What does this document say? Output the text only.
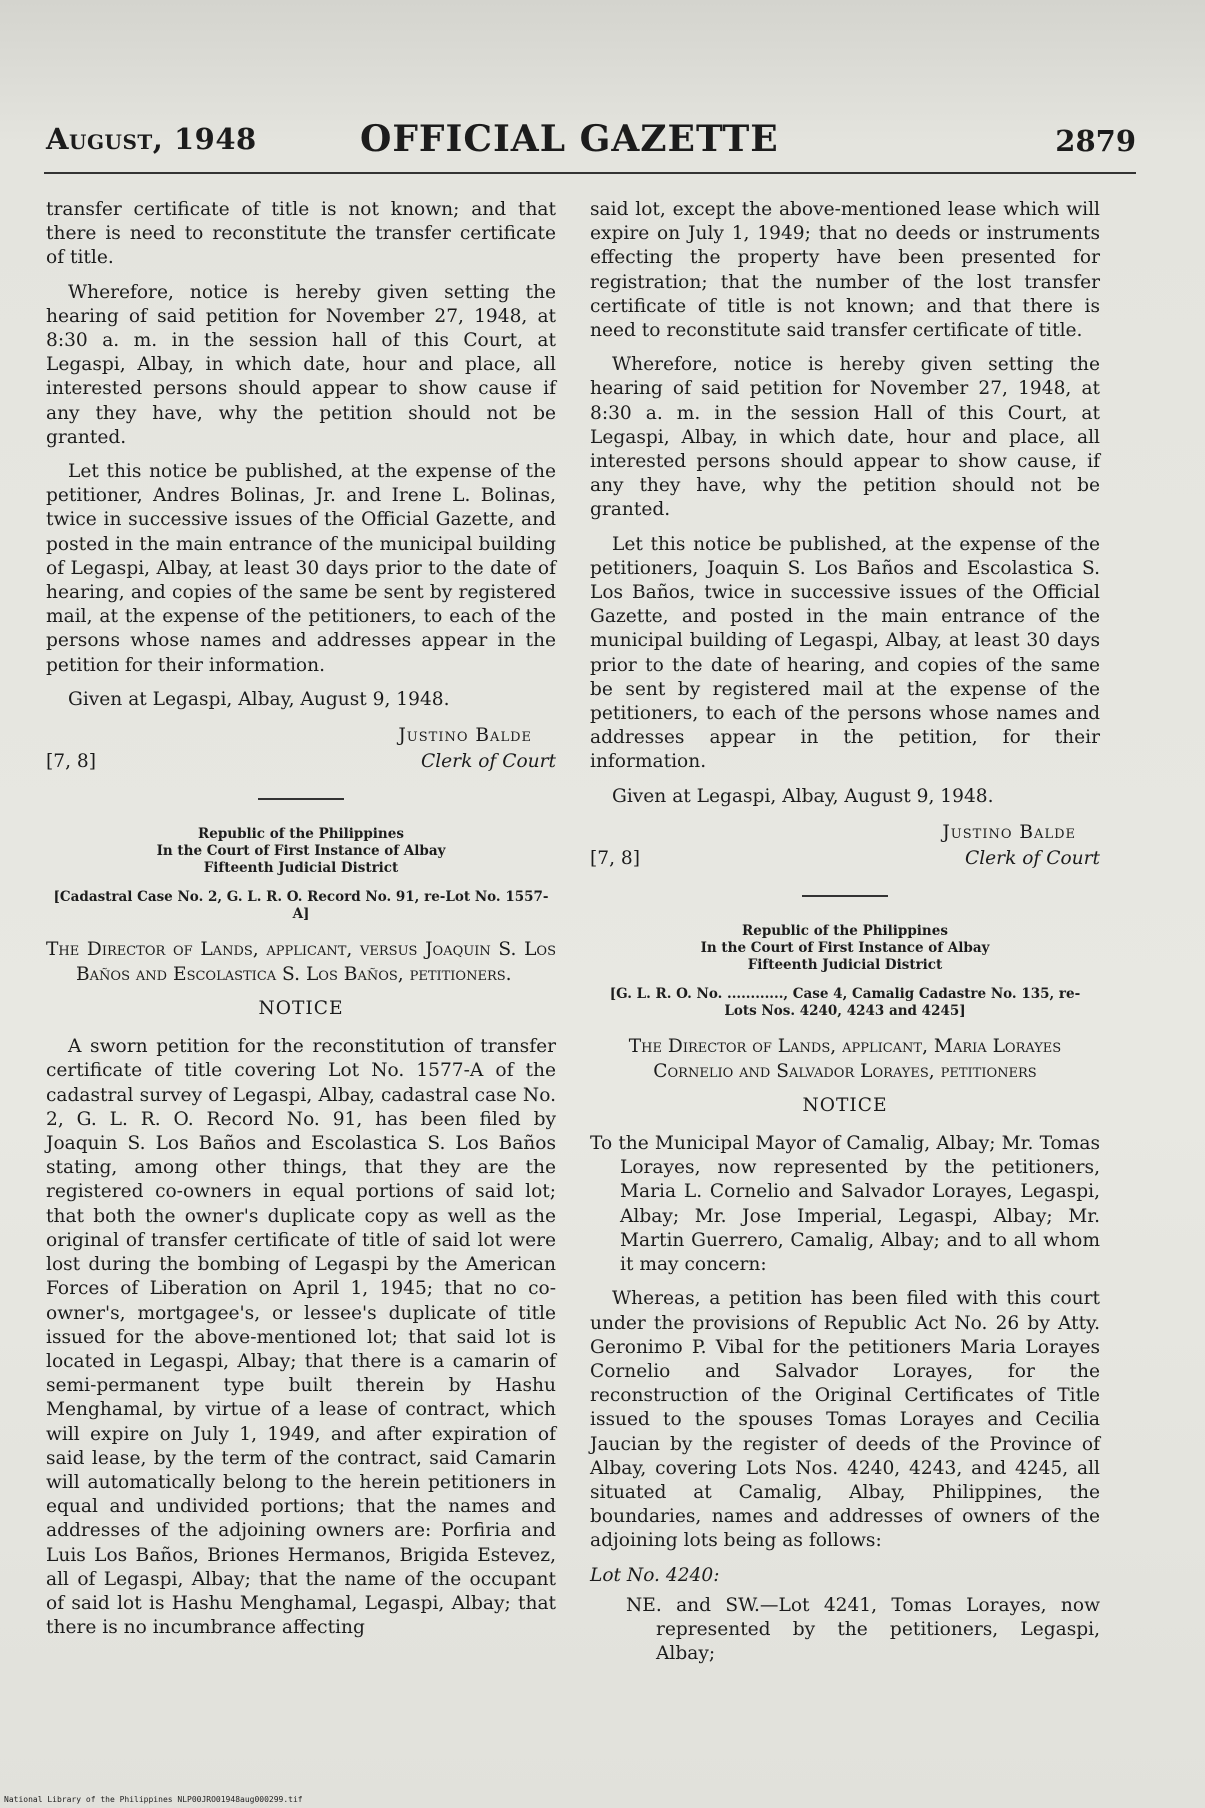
August, 1948	OFFICIAL GAZETTE	2879

transfer certificate of title is not known; and that there is need to reconstitute the transfer certificate of title.

Wherefore, notice is hereby given setting the hearing of said petition for November 27, 1948, at 8:30 a. m. in the session hall of this Court, at Legaspi, Albay, in which date, hour and place, all interested persons should appear to show cause if any they have, why the petition should not be granted.

Let this notice be published, at the expense of the petitioner, Andres Bolinas, Jr. and Irene L. Bolinas, twice in successive issues of the Official Gazette, and posted in the main entrance of the municipal building of Legaspi, Albay, at least 30 days prior to the date of hearing, and copies of the same be sent by registered mail, at the expense of the petitioners, to each of the persons whose names and addresses appear in the petition for their information.

Given at Legaspi, Albay, August 9, 1948.

Justino Balde
[7, 8]	Clerk of Court
Republic of the Philippines
In the Court of First Instance of Albay
Fifteenth Judicial District
[Cadastral Case No. 2, G. L. R. O. Record No. 91, re-Lot No. 1557-A]

The Director of Lands, applicant, versus Joaquin S. Los Baños and Escolastica S. Los Baños, petitioners.

NOTICE

A sworn petition for the reconstitution of transfer certificate of title covering Lot No. 1577-A of the cadastral survey of Legaspi, Albay, cadastral case No. 2, G. L. R. O. Record No. 91, has been filed by Joaquin S. Los Baños and Escolastica S. Los Baños stating, among other things, that they are the registered co-owners in equal portions of said lot; that both the owner's duplicate copy as well as the original of transfer certificate of title of said lot were lost during the bombing of Legaspi by the American Forces of Liberation on April 1, 1945; that no co-owner's, mortgagee's, or lessee's duplicate of title issued for the above-mentioned lot; that said lot is located in Legaspi, Albay; that there is a camarin of semi-permanent type built therein by Hashu Menghamal, by virtue of a lease of contract, which will expire on July 1, 1949, and after expiration of said lease, by the term of the contract, said Camarin will automatically belong to the herein petitioners in equal and undivided portions; that the names and addresses of the adjoining owners are: Porfiria and Luis Los Baños, Briones Hermanos, Brigida Estevez, all of Legaspi, Albay; that the name of the occupant of said lot is Hashu Menghamal, Legaspi, Albay; that there is no incumbrance affecting

said lot, except the above-mentioned lease which will expire on July 1, 1949; that no deeds or instruments effecting the property have been presented for registration; that the number of the lost transfer certificate of title is not known; and that there is need to reconstitute said transfer certificate of title.

Wherefore, notice is hereby given setting the hearing of said petition for November 27, 1948, at 8:30 a. m. in the session Hall of this Court, at Legaspi, Albay, in which date, hour and place, all interested persons should appear to show cause, if any they have, why the petition should not be granted.

Let this notice be published, at the expense of the petitioners, Joaquin S. Los Baños and Escolastica S. Los Baños, twice in successive issues of the Official Gazette, and posted in the main entrance of the municipal building of Legaspi, Albay, at least 30 days prior to the date of hearing, and copies of the same be sent by registered mail at the expense of the petitioners, to each of the persons whose names and addresses appear in the petition, for their information.

Given at Legaspi, Albay, August 9, 1948.

Justino Balde
[7, 8]	Clerk of Court
Republic of the Philippines
In the Court of First Instance of Albay
Fifteenth Judicial District
[G. L. R. O. No. ............, Case 4, Camalig Cadastre No. 135, re-Lots Nos. 4240, 4243 and 4245]

The Director of Lands, applicant, Maria Lorayes Cornelio and Salvador Lorayes, petitioners

NOTICE

To the Municipal Mayor of Camalig, Albay; Mr. Tomas Lorayes, now represented by the petitioners, Maria L. Cornelio and Salvador Lorayes, Legaspi, Albay; Mr. Jose Imperial, Legaspi, Albay; Mr. Martin Guerrero, Camalig, Albay; and to all whom it may concern:

Whereas, a petition has been filed with this court under the provisions of Republic Act No. 26 by Atty. Geronimo P. Vibal for the petitioners Maria Lorayes Cornelio and Salvador Lorayes, for the reconstruction of the Original Certificates of Title issued to the spouses Tomas Lorayes and Cecilia Jaucian by the register of deeds of the Province of Albay, covering Lots Nos. 4240, 4243, and 4245, all situated at Camalig, Albay, Philippines, the boundaries, names and addresses of owners of the adjoining lots being as follows:

Lot No. 4240:

NE. and SW.—Lot 4241, Tomas Lorayes, now represented by the petitioners, Legaspi, Albay;

National Library of the Philippines NLP00JRO01948aug000299.tif
